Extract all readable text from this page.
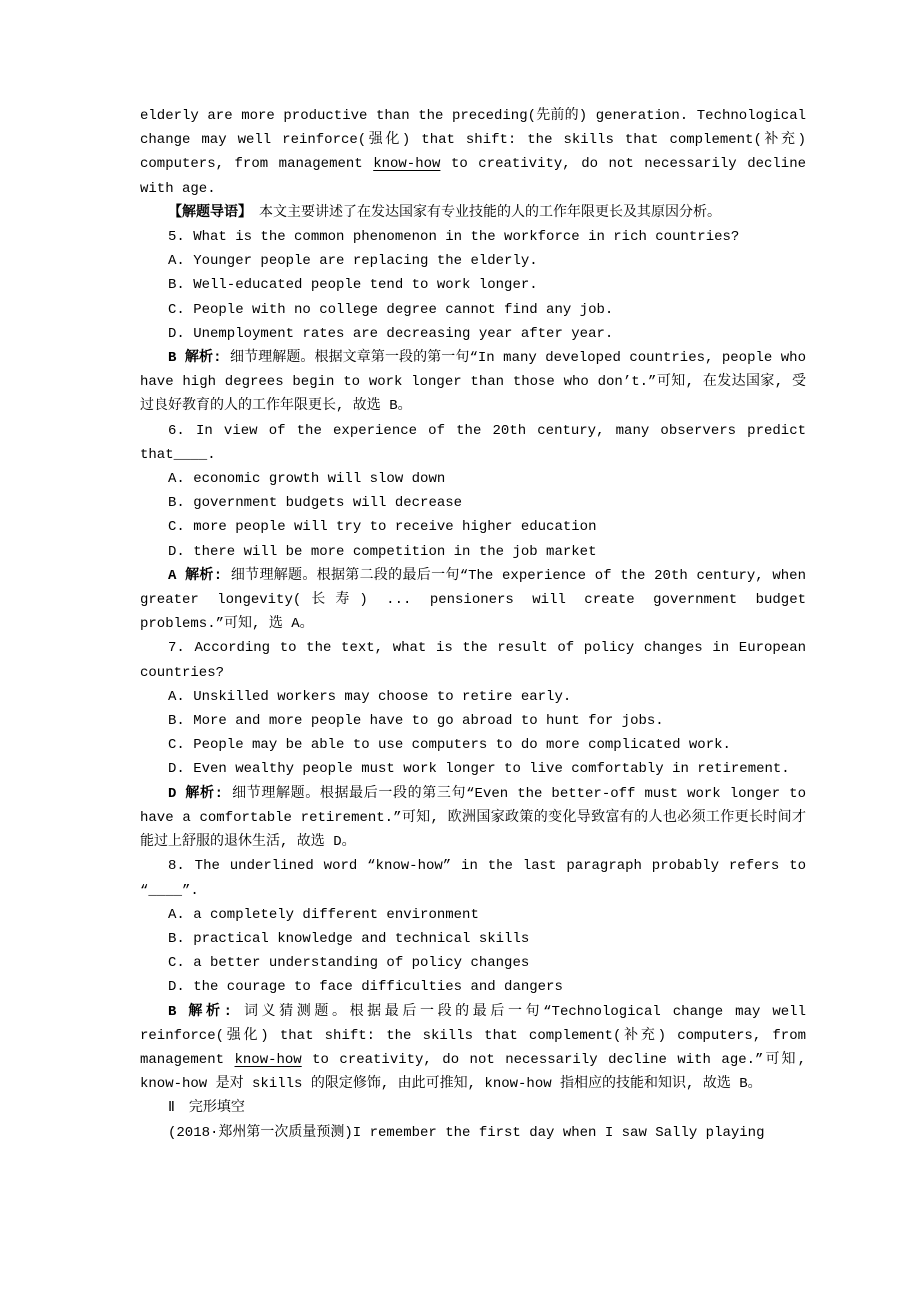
elderly are more productive than the preceding(先前的) generation. Technological change may well reinforce(强化) that shift: the skills that complement(补充) computers, from management know-how to creativity, do not necessarily decline with age.

【解题导语】　本文主要讲述了在发达国家有专业技能的人的工作年限更长及其原因分析。

5. What is the common phenomenon in the workforce in rich countries?

A. Younger people are replacing the elderly.

B. Well-educated people tend to work longer.

C. People with no college degree cannot find any job.

D. Unemployment rates are decreasing year after year.

B 解析: 细节理解题。根据文章第一段的第一句“In many developed countries, people who have high degrees begin to work longer than those who don’t.”可知, 在发达国家, 受过良好教育的人的工作年限更长, 故选 B。

6. In view of the experience of the 20th century, many observers predict that____.

A. economic growth will slow down

B. government budgets will decrease

C. more people will try to receive higher education

D. there will be more competition in the job market

A 解析: 细节理解题。根据第二段的最后一句“The experience of the 20th century, when greater longevity(长寿) ... pensioners will create government budget problems.”可知, 选 A。

7. According to the text, what is the result of policy changes in European countries?

A. Unskilled workers may choose to retire early.

B. More and more people have to go abroad to hunt for jobs.

C. People may be able to use computers to do more complicated work.

D. Even wealthy people must work longer to live comfortably in retirement.

D 解析: 细节理解题。根据最后一段的第三句“Even the better-off must work longer to have a comfortable retirement.”可知, 欧洲国家政策的变化导致富有的人也必须工作更长时间才能过上舒服的退休生活, 故选 D。

8. The underlined word “know-how” in the last paragraph probably refers to “____”.

A. a completely different environment

B. practical knowledge and technical skills

C. a better understanding of policy changes

D. the courage to face difficulties and dangers

B 解析: 词义猜测题。根据最后一段的最后一句“Technological change may well reinforce(强化) that shift: the skills that complement(补充) computers, from management know-how to creativity, do not necessarily decline with age.”可知, know-how 是对 skills 的限定修饰, 由此可推知, know-how 指相应的技能和知识, 故选 B。

Ⅱ　完形填空

(2018·郑州第一次质量预测)I remember the first day when I saw Sally playing
